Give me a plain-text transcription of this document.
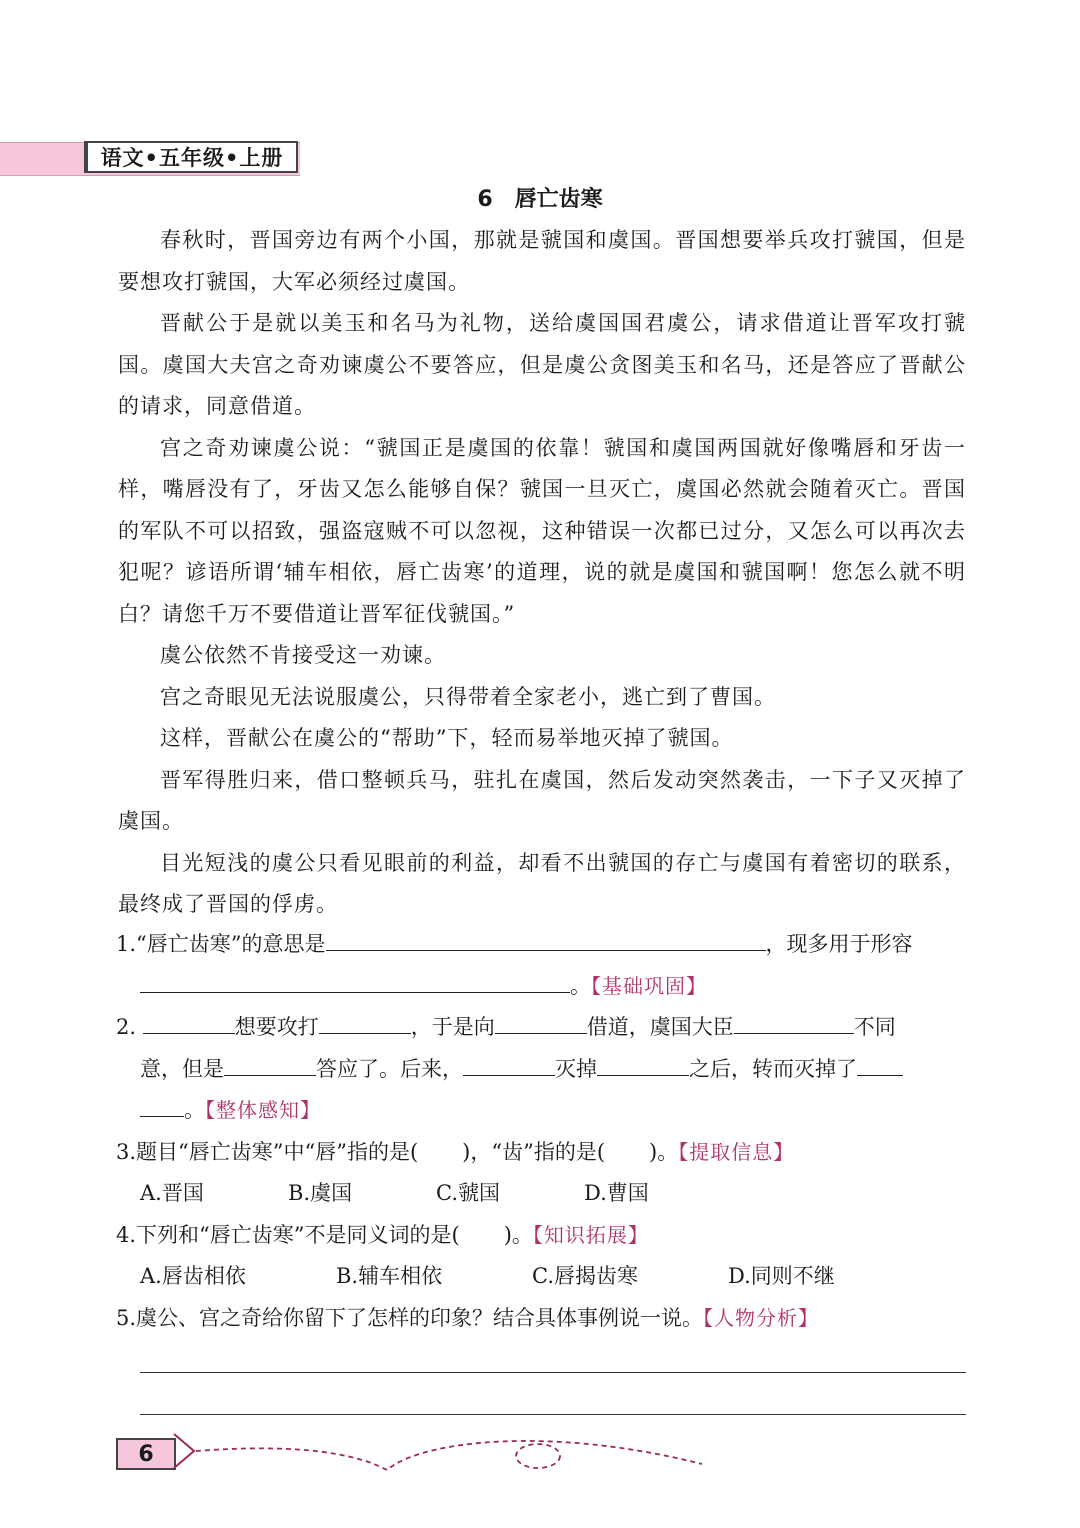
语文•五年级•上册
6 唇亡齿寒

春秋时，晋国旁边有两个小国，那就是虢国和虞国。晋国想要举兵攻打虢国，但是要想攻打虢国，大军必须经过虞国。

晋献公于是就以美玉和名马为礼物，送给虞国国君虞公，请求借道让晋军攻打虢国。虞国大夫宫之奇劝谏虞公不要答应，但是虞公贪图美玉和名马，还是答应了晋献公的请求，同意借道。

宫之奇劝谏虞公说：“虢国正是虞国的依靠！虢国和虞国两国就好像嘴唇和牙齿一样，嘴唇没有了，牙齿又怎么能够自保？虢国一旦灭亡，虞国必然就会随着灭亡。晋国的军队不可以招致，强盗寇贼不可以忽视，这种错误一次都已过分，又怎么可以再次去犯呢？谚语所谓‘辅车相依，唇亡齿寒’的道理，说的就是虞国和虢国啊！您怎么就不明白？请您千万不要借道让晋军征伐虢国。”

虞公依然不肯接受这一劝谏。

宫之奇眼见无法说服虞公，只得带着全家老小，逃亡到了曹国。

这样，晋献公在虞公的“帮助”下，轻而易举地灭掉了虢国。

晋军得胜归来，借口整顿兵马，驻扎在虞国，然后发动突然袭击，一下子又灭掉了虞国。

目光短浅的虞公只看见眼前的利益，却看不出虢国的存亡与虞国有着密切的联系，最终成了晋国的俘虏。

1.“唇亡齿寒”的意思是	，现多用于形容
。【基础巩固】
2.	想要攻打	，于是向	借道，虞国大臣	不同
意，但是	答应了。后来，	灭掉	之后，转而灭掉了
。【整体感知】
3.题目“唇亡齿寒”中“唇”指的是( )，“齿”指的是( )。【提取信息】
A.晋国	B.虞国	C.虢国	D.曹国
4.下列和“唇亡齿寒”不是同义词的是( )。【知识拓展】
A.唇齿相依	B.辅车相依	C.唇揭齿寒	D.同则不继
5.虞公、宫之奇给你留下了怎样的印象？结合具体事例说一说。【人物分析】
6
